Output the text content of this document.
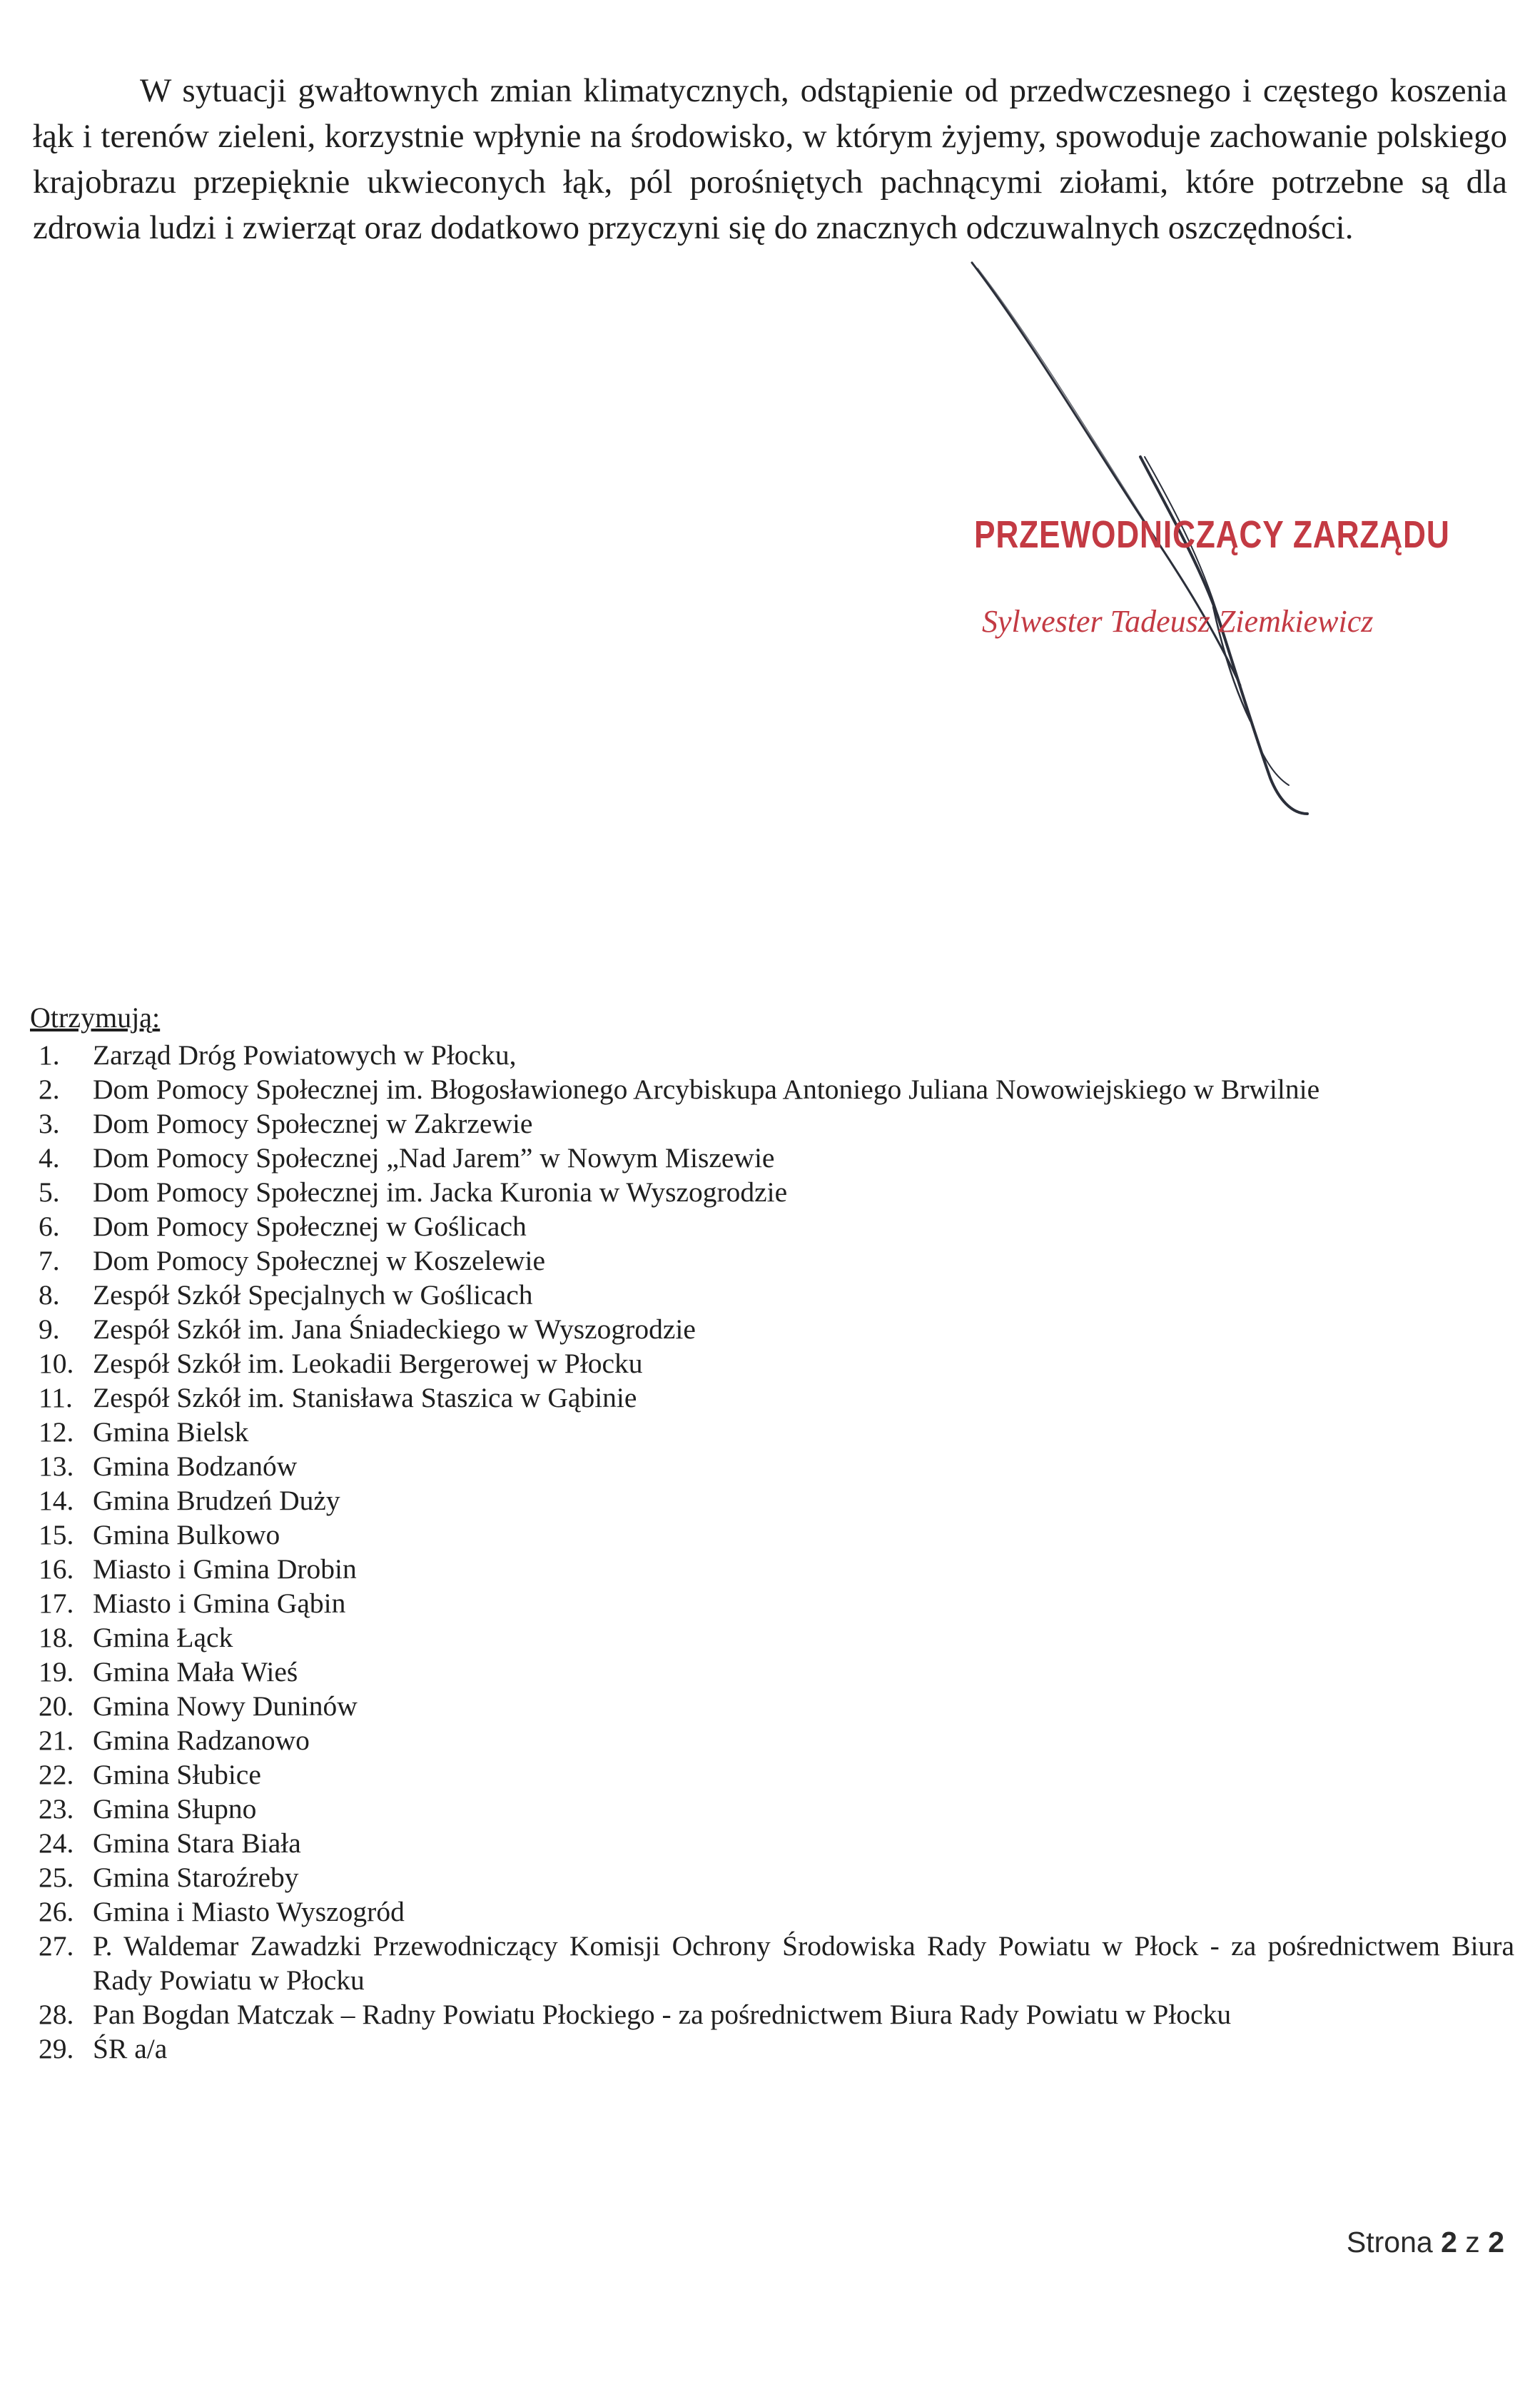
W sytuacji gwałtownych zmian klimatycznych, odstąpienie od przedwczesnego i częstego koszenia łąk i terenów zieleni, korzystnie wpłynie na środowisko, w którym żyjemy, spowoduje zachowanie polskiego krajobrazu przepięknie ukwieconych łąk, pól porośniętych pachnącymi ziołami, które potrzebne są dla zdrowia ludzi i zwierząt oraz dodatkowo przyczyni się do znacznych odczuwalnych oszczędności.

PRZEWODNICZĄCY ZARZĄDU
Sylwester Tadeusz Ziemkiewicz

Otrzymują:

1.	Zarząd Dróg Powiatowych w Płocku,
2.	Dom Pomocy Społecznej im. Błogosławionego Arcybiskupa Antoniego Juliana Nowowiejskiego w Brwilnie
3.	Dom Pomocy Społecznej w Zakrzewie
4.	Dom Pomocy Społecznej „Nad Jarem” w Nowym Miszewie
5.	Dom Pomocy Społecznej im. Jacka Kuronia w Wyszogrodzie
6.	Dom Pomocy Społecznej w Goślicach
7.	Dom Pomocy Społecznej w Koszelewie
8.	Zespół Szkół Specjalnych w Goślicach
9.	Zespół Szkół im. Jana Śniadeckiego w Wyszogrodzie
10. Zespół Szkół im. Leokadii Bergerowej w Płocku
11. Zespół Szkół im. Stanisława Staszica w Gąbinie
12. Gmina Bielsk
13. Gmina Bodzanów
14. Gmina Brudzeń Duży
15. Gmina Bulkowo
16. Miasto i Gmina Drobin
17. Miasto i Gmina Gąbin
18. Gmina Łąck
19. Gmina Mała Wieś
20. Gmina Nowy Duninów
21. Gmina Radzanowo
22. Gmina Słubice
23. Gmina Słupno
24. Gmina Stara Biała
25. Gmina Staroźreby
26. Gmina i Miasto Wyszogród
27. P. Waldemar Zawadzki Przewodniczący Komisji Ochrony Środowiska Rady Powiatu w Płock - za pośrednictwem Biura Rady Powiatu w Płocku
28. Pan Bogdan Matczak – Radny Powiatu Płockiego - za pośrednictwem Biura Rady Powiatu w Płocku
29. ŚR a/a
Strona 2 z 2
